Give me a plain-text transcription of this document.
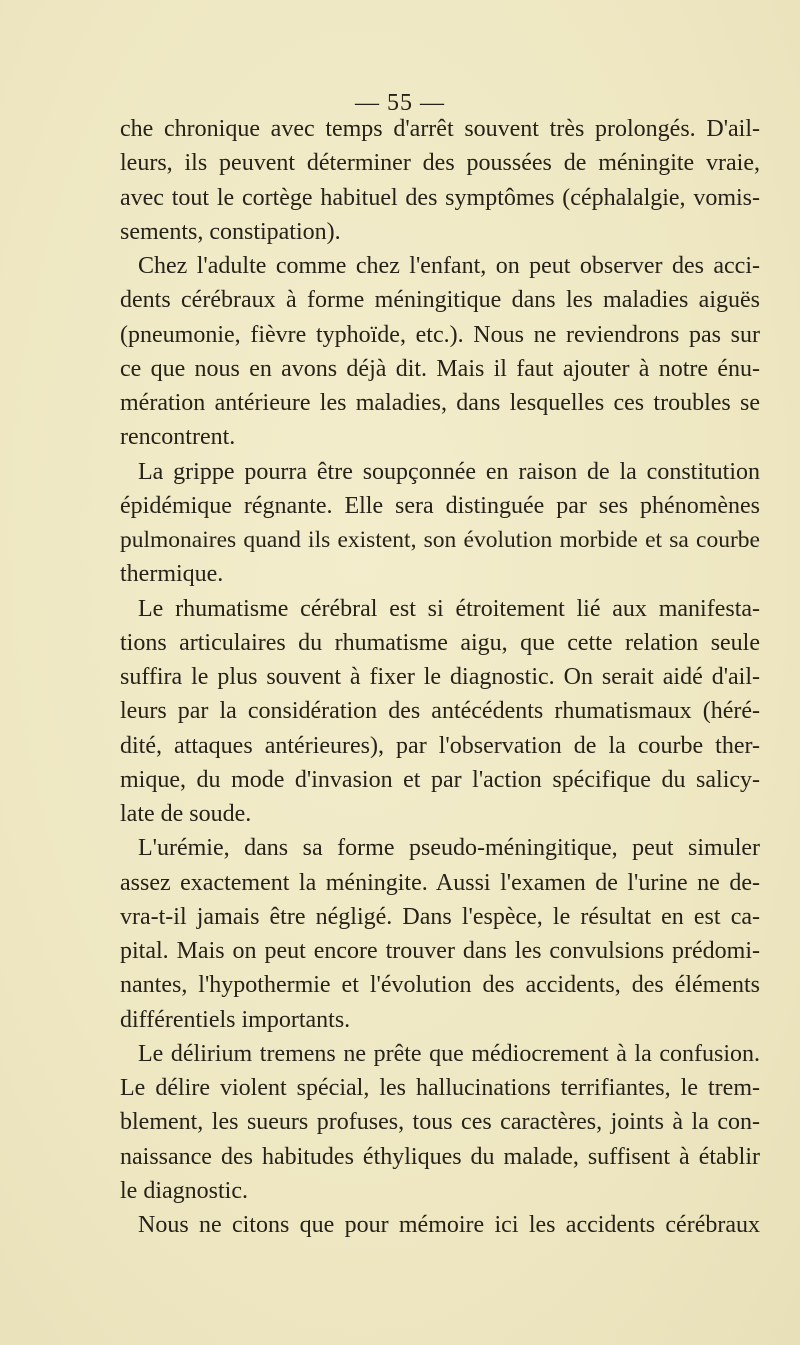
— 55 —
che chronique avec temps d'arrêt souvent très prolongés. D'ail-
leurs, ils peuvent déterminer des poussées de méningite vraie,
avec tout le cortège habituel des symptômes (céphalalgie, vomis-
sements, constipation).
Chez l'adulte comme chez l'enfant, on peut observer des acci-
dents cérébraux à forme méningitique dans les maladies aiguës
(pneumonie, fièvre typhoïde, etc.). Nous ne reviendrons pas sur
ce que nous en avons déjà dit. Mais il faut ajouter à notre énu-
mération antérieure les maladies, dans lesquelles ces troubles se
rencontrent.
La grippe pourra être soupçonnée en raison de la constitution
épidémique régnante. Elle sera distinguée par ses phénomènes
pulmonaires quand ils existent, son évolution morbide et sa courbe
thermique.
Le rhumatisme cérébral est si étroitement lié aux manifesta-
tions articulaires du rhumatisme aigu, que cette relation seule
suffira le plus souvent à fixer le diagnostic. On serait aidé d'ail-
leurs par la considération des antécédents rhumatismaux (héré-
dité, attaques antérieures), par l'observation de la courbe ther-
mique, du mode d'invasion et par l'action spécifique du salicy-
late de soude.
L'urémie, dans sa forme pseudo-méningitique, peut simuler
assez exactement la méningite. Aussi l'examen de l'urine ne de-
vra-t-il jamais être négligé. Dans l'espèce, le résultat en est ca-
pital. Mais on peut encore trouver dans les convulsions prédomi-
nantes, l'hypothermie et l'évolution des accidents, des éléments
différentiels importants.
Le délirium tremens ne prête que médiocrement à la confusion.
Le délire violent spécial, les hallucinations terrifiantes, le trem-
blement, les sueurs profuses, tous ces caractères, joints à la con-
naissance des habitudes éthyliques du malade, suffisent à établir
le diagnostic.
Nous ne citons que pour mémoire ici les accidents cérébraux
